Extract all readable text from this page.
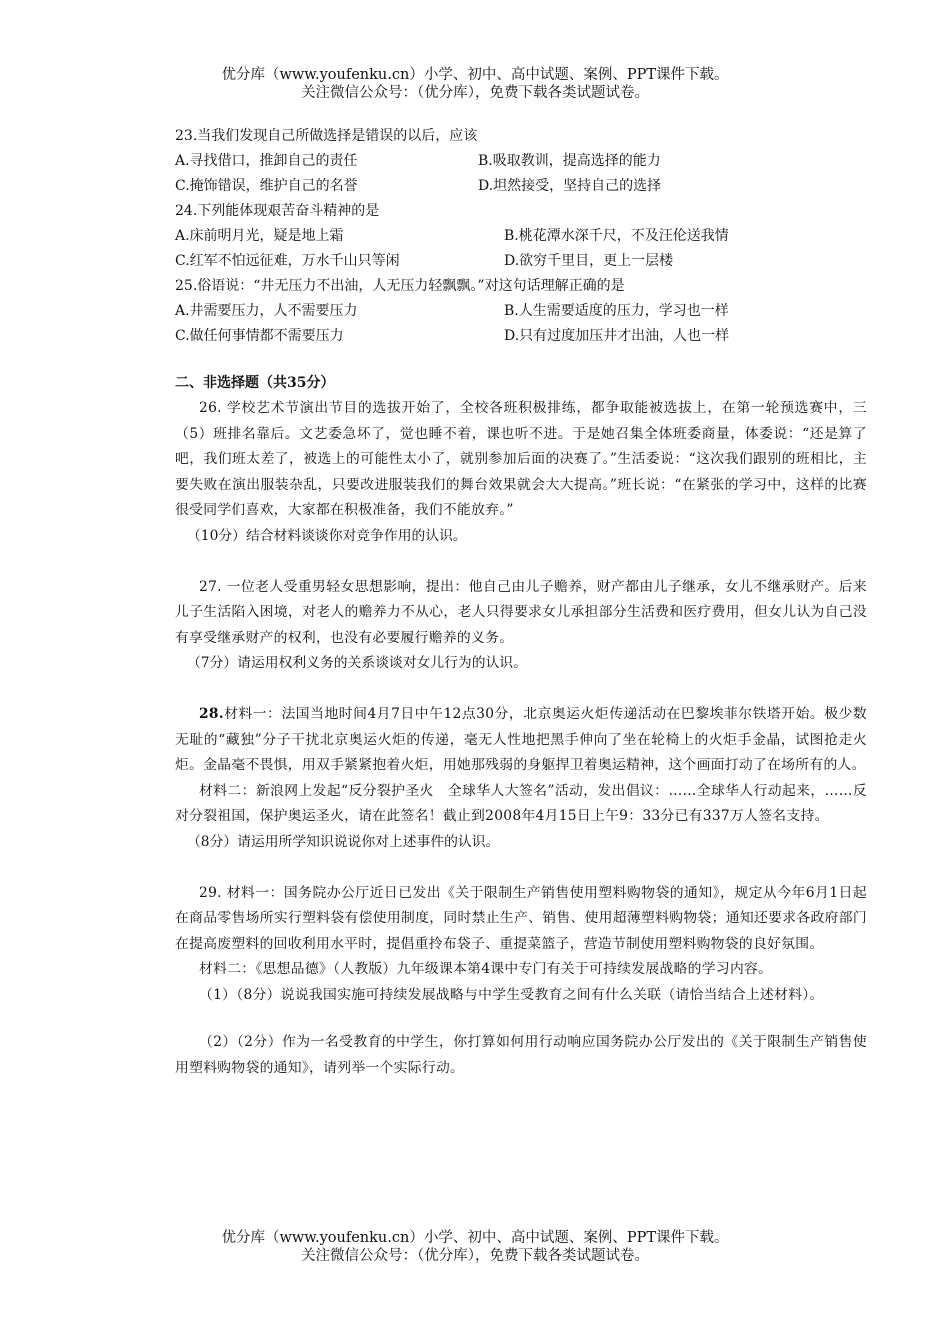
优分库（www.youfenku.cn）小学、初中、高中试题、案例、PPT课件下载。
关注微信公众号：（优分库），免费下载各类试题试卷。

23.当我们发现自己所做选择是错误的以后，应该

A.寻找借口，推卸自己的责任	B.吸取教训，提高选择的能力
C.掩饰错误，维护自己的名誉	D.坦然接受，坚持自己的选择

24.下列能体现艰苦奋斗精神的是

A.床前明月光，疑是地上霜	B.桃花潭水深千尺，不及汪伦送我情
C.红军不怕远征难，万水千山只等闲	D.欲穷千里目，更上一层楼

25.俗语说：“井无压力不出油，人无压力轻飘飘。”对这句话理解正确的是

A.井需要压力，人不需要压力	B.人生需要适度的压力，学习也一样
C.做任何事情都不需要压力	D.只有过度加压井才出油，人也一样

二、非选择题（共35分）

26. 学校艺术节演出节目的选拔开始了，全校各班积极排练，都争取能被选拔上，在第一轮预选赛中，三（5）班排名靠后。文艺委急坏了，觉也睡不着，课也听不进。于是她召集全体班委商量，体委说：“还是算了吧，我们班太差了，被选上的可能性太小了，就别参加后面的决赛了。”生活委说：“这次我们跟别的班相比，主要失败在演出服装杂乱，只要改进服装我们的舞台效果就会大大提高。”班长说：“在紧张的学习中，这样的比赛很受同学们喜欢，大家都在积极准备，我们不能放弃。”

（10分）结合材料谈谈你对竞争作用的认识。

27. 一位老人受重男轻女思想影响，提出：他自己由儿子赡养，财产都由儿子继承，女儿不继承财产。后来儿子生活陷入困境，对老人的赡养力不从心，老人只得要求女儿承担部分生活费和医疗费用，但女儿认为自己没有享受继承财产的权利，也没有必要履行赡养的义务。

（7分）请运用权利义务的关系谈谈对女儿行为的认识。

28.材料一：法国当地时间4月7日中午12点30分，北京奥运火炬传递活动在巴黎埃菲尔铁塔开始。极少数无耻的“藏独”分子干扰北京奥运火炬的传递，毫无人性地把黑手伸向了坐在轮椅上的火炬手金晶，试图抢走火炬。金晶毫不畏惧，用双手紧紧抱着火炬，用她那残弱的身躯捍卫着奥运精神，这个画面打动了在场所有的人。

材料二：新浪网上发起“反分裂护圣火　全球华人大签名”活动，发出倡议：……全球华人行动起来，……反对分裂祖国，保护奥运圣火，请在此签名！截止到2008年4月15日上午9：33分已有337万人签名支持。

（8分）请运用所学知识说说你对上述事件的认识。

29. 材料一：国务院办公厅近日已发出《关于限制生产销售使用塑料购物袋的通知》，规定从今年6月1日起在商品零售场所实行塑料袋有偿使用制度，同时禁止生产、销售、使用超薄塑料购物袋；通知还要求各政府部门在提高废塑料的回收利用水平时，提倡重拎布袋子、重提菜篮子，营造节制使用塑料购物袋的良好氛围。

材料二：《思想品德》（人教版）九年级课本第4课中专门有关于可持续发展战略的学习内容。

（1）（8分）说说我国实施可持续发展战略与中学生受教育之间有什么关联（请恰当结合上述材料）。

（2）（2分）作为一名受教育的中学生，你打算如何用行动响应国务院办公厅发出的《关于限制生产销售使用塑料购物袋的通知》，请列举一个实际行动。

优分库（www.youfenku.cn）小学、初中、高中试题、案例、PPT课件下载。
关注微信公众号：（优分库），免费下载各类试题试卷。
